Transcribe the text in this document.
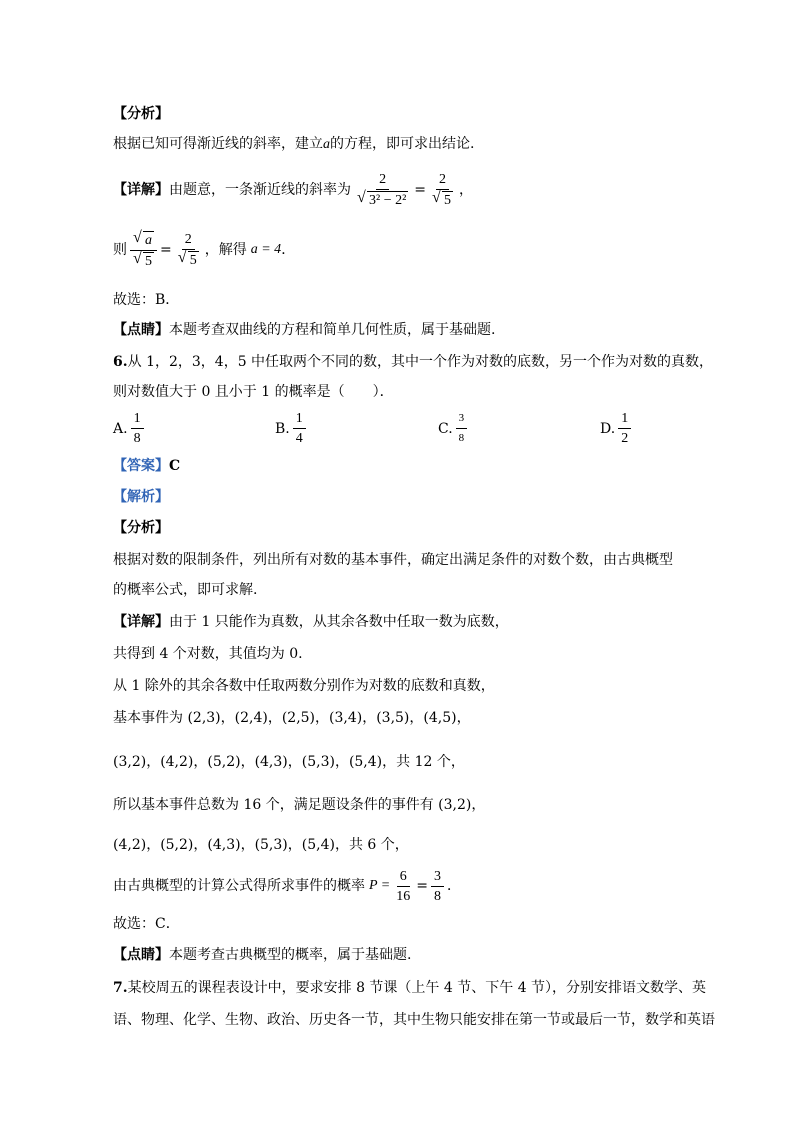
【分析】
根据已知可得渐近线的斜率，建立a的方程，即可求出结论.
【详解】 由题意，一条渐近线的斜率为 2
√ 3² − 2² = 2
√ 5 ，
则
√ a
√ 5 = 2
√ 5 ，解得 a = 4 ．
故选：B．
【点睛】本题考查双曲线的方程和简单几何性质，属于基础题.
6.从 1，2，3，4，5 中任取两个不同的数，其中一个作为对数的底数，另一个作为对数的真数，
则对数值大于 0 且小于 1 的概率是（　　）．
A. $\frac{1}{8}$	B. $\frac{1}{4}$	C. $\frac{3}{8}$	D. $\frac{1}{2}$
【答案】C
【解析】
【分析】
根据对数的限制条件，列出所有对数的基本事件，确定出满足条件的对数个数，由古典概型
的概率公式，即可求解.
【详解】由于 1 只能作为真数，从其余各数中任取一数为底数，
共得到 4 个对数，其值均为 0.
从 1 除外的其余各数中任取两数分别作为对数的底数和真数，
基本事件为 (2,3)，(2,4)，(2,5)，(3,4)，(3,5)，(4,5)，
(3,2)，(4,2)，(5,2)，(4,3)，(5,3)，(5,4)，共 12 个，
所以基本事件总数为 16 个，满足题设条件的事件有 (3,2)，
(4,2)，(5,2)，(4,3)，(5,3)，(5,4)，共 6 个，
由古典概型的计算公式得所求事件的概率 $P = \frac{6}{16} = \frac{3}{8}$ ．
故选：C．
【点睛】本题考查古典概型的概率，属于基础题.
7.某校周五的课程表设计中，要求安排 8 节课（上午 4 节、下午 4 节），分别安排语文数学、英
语、物理、化学、生物、政治、历史各一节，其中生物只能安排在第一节或最后一节，数学和英语
